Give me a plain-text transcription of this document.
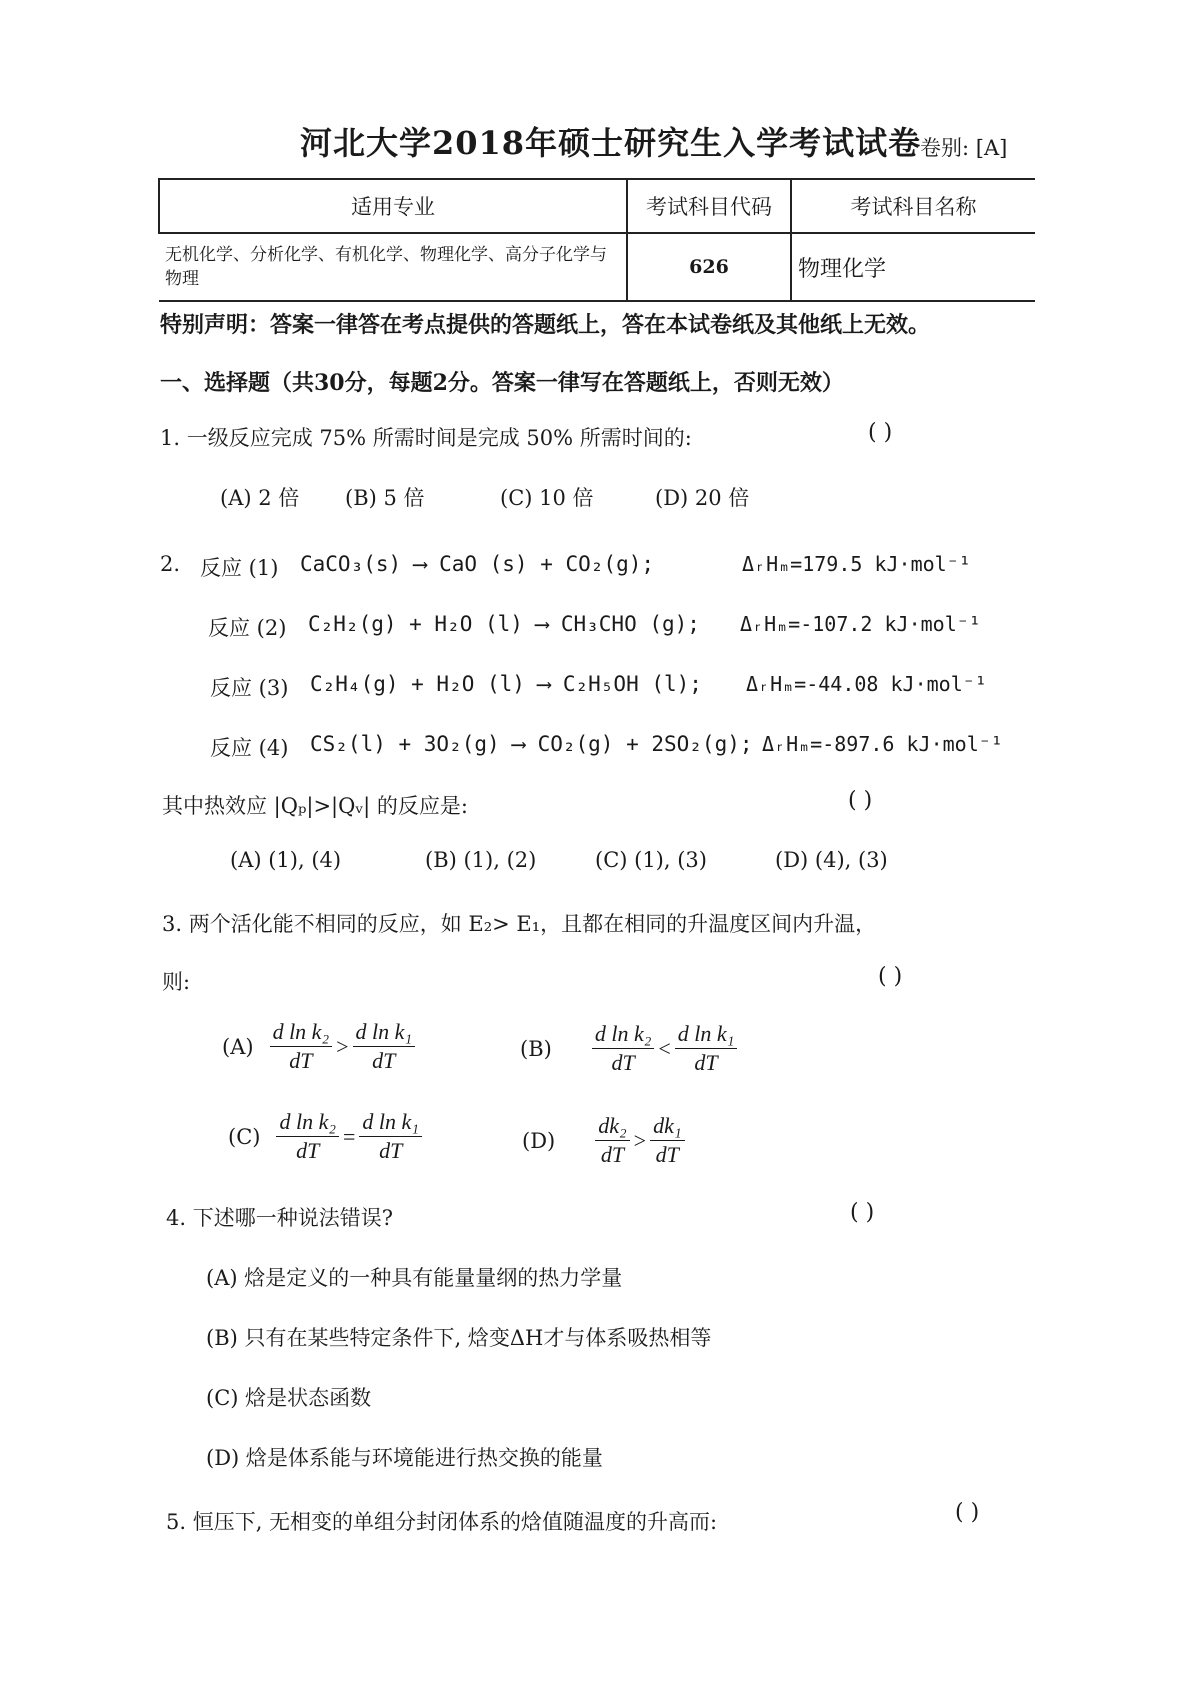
河北大学2018年硕士研究生入学考试试卷
卷别: [A]
适用专业	考试科目代码	考试科目名称
无机化学、分析化学、有机化学、物理化学、高分子化学与物理	626	物理化学
特别声明：答案一律答在考点提供的答题纸上，答在本试卷纸及其他纸上无效。
一、选择题（共30分，每题2分。答案一律写在答题纸上，否则无效）
1. 一级反应完成 75% 所需时间是完成 50% 所需时间的:	( )
(A) 2 倍 (B) 5 倍	(C) 10 倍	(D) 20 倍
2. 反应 (1) CaCO₃(s) ⟶ CaO (s) + CO₂(g);	ΔᵣHₘ=179.5 kJ·mol⁻¹
反应 (2) C₂H₂(g) + H₂O (l) ⟶ CH₃CHO (g); ΔᵣHₘ=-107.2 kJ·mol⁻¹
反应 (3) C₂H₄(g) + H₂O (l) ⟶ C₂H₅OH (l); ΔᵣHₘ=-44.08 kJ·mol⁻¹
反应 (4) CS₂(l) + 3O₂(g) ⟶ CO₂(g) + 2SO₂(g); ΔᵣHₘ=-897.6 kJ·mol⁻¹
其中热效应 |Qₚ|>|Qᵥ| 的反应是:	( )
(A) (1), (4)	(B) (1), (2)	(C) (1), (3)	(D) (4), (3)
3. 两个活化能不相同的反应，如 E₂> E₁，且都在相同的升温度区间内升温，
则:	( )
$(A) \frac{\text{d ln k₂}}{dT} > \frac{\text{d ln k₁}}{dT}$	$(B) \frac{\text{d ln k₂}}{dT} < \frac{\text{d ln k₁}}{dT}$
$(C) \frac{\text{d ln k₂}}{dT} = \frac{\text{d ln k₁}}{dT}$	$(D) \frac{\text{dk₂}}{dT} > \frac{\text{dk₁}}{dT}$
4. 下述哪一种说法错误?	( )
(A) 焓是定义的一种具有能量量纲的热力学量
(B) 只有在某些特定条件下, 焓变ΔH才与体系吸热相等
(C) 焓是状态函数
(D) 焓是体系能与环境能进行热交换的能量
5. 恒压下, 无相变的单组分封闭体系的焓值随温度的升高而:	( )
